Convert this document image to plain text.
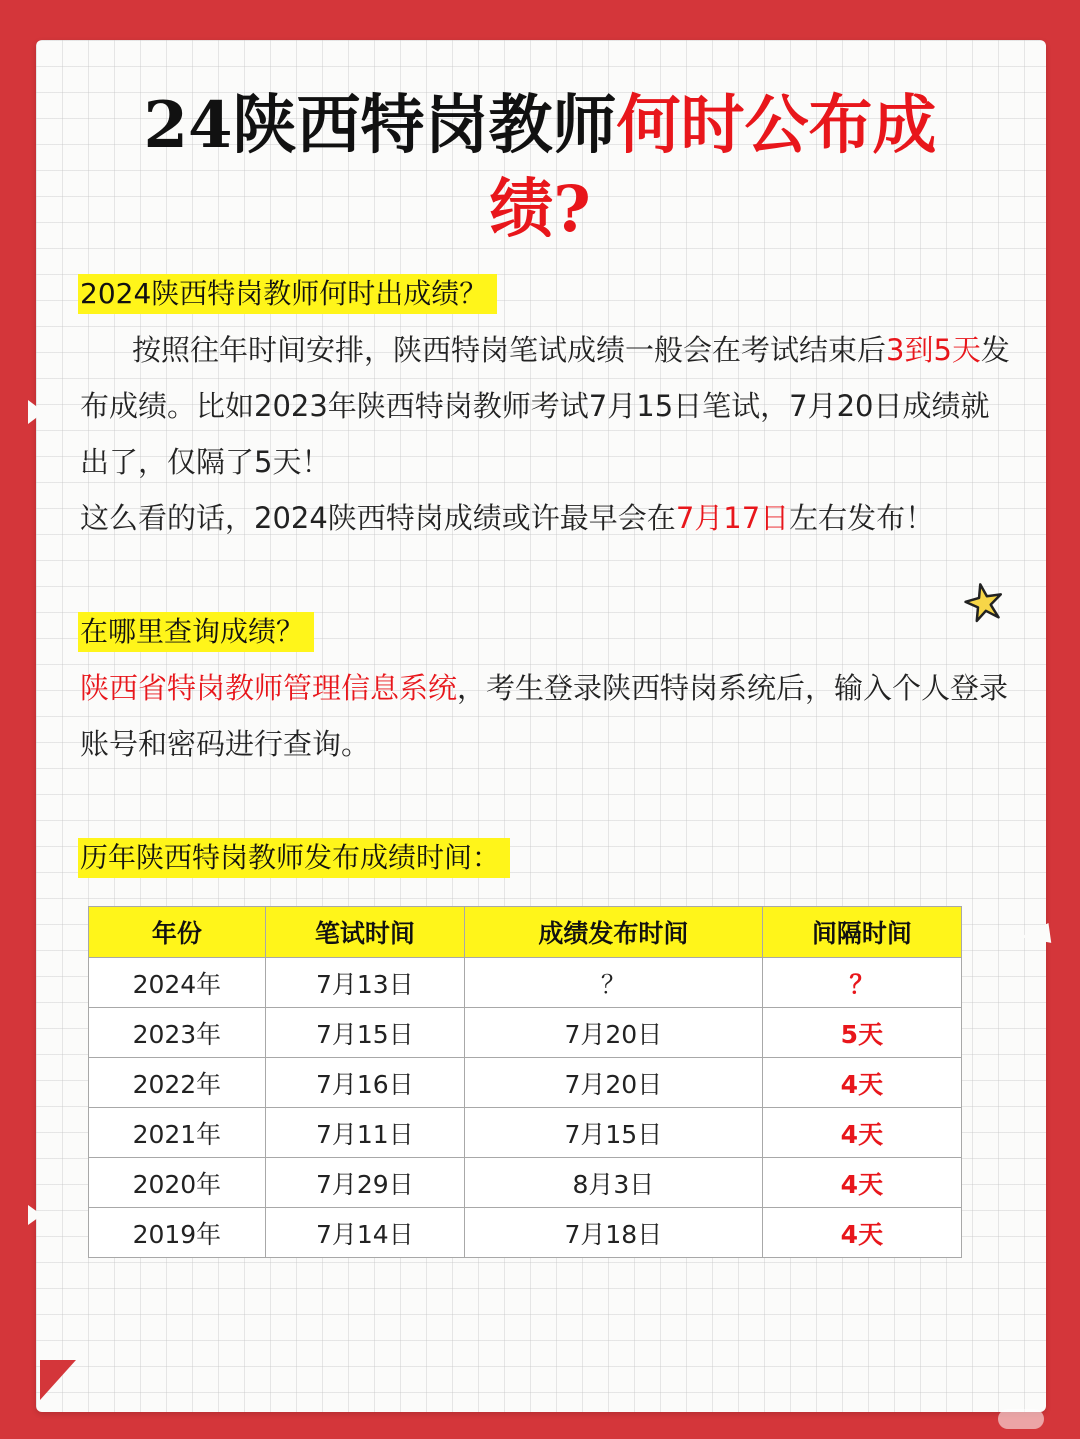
24陕西特岗教师何时公布成
绩?
2024陕西特岗教师何时出成绩？
按照往年时间安排，陕西特岗笔试成绩一般会在考试结束后3到5天发布成绩。比如2023年陕西特岗教师考试7月15日笔试，7月20日成绩就出了，仅隔了5天！
这么看的话，2024陕西特岗成绩或许最早会在7月17日左右发布！
在哪里查询成绩？
陕西省特岗教师管理信息系统，考生登录陕西特岗系统后，输入个人登录账号和密码进行查询。
历年陕西特岗教师发布成绩时间：
年份	笔试时间	成绩发布时间	间隔时间
2024年	7月13日	？	？
2023年	7月15日	7月20日	5天
2022年	7月16日	7月20日	4天
2021年	7月11日	7月15日	4天
2020年	7月29日	8月3日	4天
2019年	7月14日	7月18日	4天
